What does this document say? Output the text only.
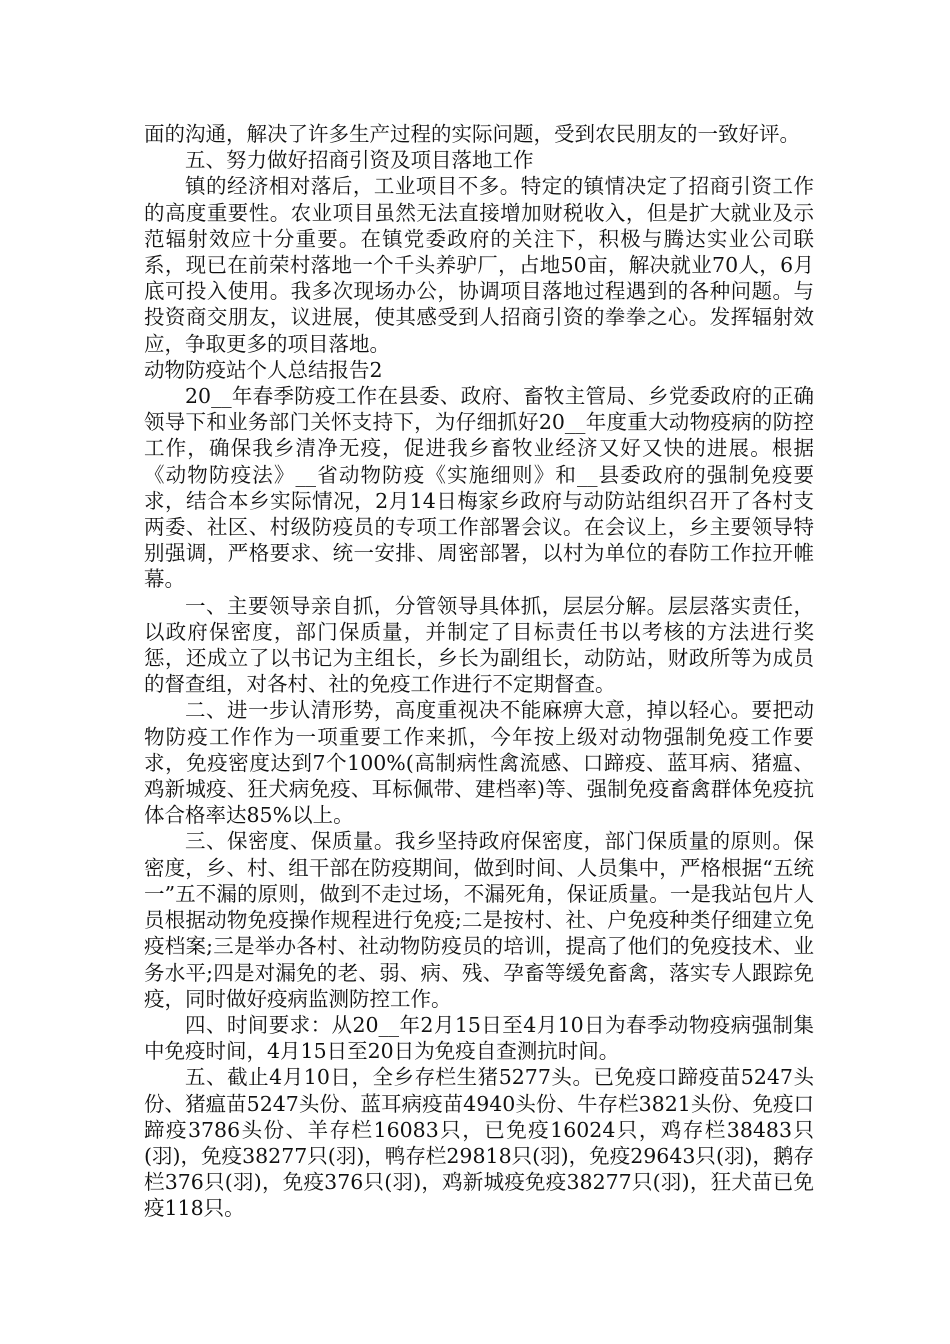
面的沟通，解决了许多生产过程的实际问题，受到农民朋友的一致好评。

五、努力做好招商引资及项目落地工作

镇的经济相对落后，工业项目不多。特定的镇情决定了招商引资工作的高度重要性。农业项目虽然无法直接增加财税收入，但是扩大就业及示范辐射效应十分重要。在镇党委政府的关注下，积极与腾达实业公司联系，现已在前荣村落地一个千头养驴厂，占地50亩，解决就业70人，6月底可投入使用。我多次现场办公，协调项目落地过程遇到的各种问题。与投资商交朋友，议进展，使其感受到人招商引资的拳拳之心。发挥辐射效应，争取更多的项目落地。

动物防疫站个人总结报告2

20__年春季防疫工作在县委、政府、畜牧主管局、乡党委政府的正确领导下和业务部门关怀支持下，为仔细抓好20__年度重大动物疫病的防控工作，确保我乡清净无疫，促进我乡畜牧业经济又好又快的进展。根据《动物防疫法》__省动物防疫《实施细则》和__县委政府的强制免疫要求，结合本乡实际情况，2月14日梅家乡政府与动防站组织召开了各村支两委、社区、村级防疫员的专项工作部署会议。在会议上，乡主要领导特别强调，严格要求、统一安排、周密部署，以村为单位的春防工作拉开帷幕。

一、主要领导亲自抓，分管领导具体抓，层层分解。层层落实责任，以政府保密度，部门保质量，并制定了目标责任书以考核的方法进行奖惩，还成立了以书记为主组长，乡长为副组长，动防站，财政所等为成员的督查组，对各村、社的免疫工作进行不定期督查。

二、进一步认清形势，高度重视决不能麻痹大意，掉以轻心。要把动物防疫工作作为一项重要工作来抓，今年按上级对动物强制免疫工作要求，免疫密度达到7个100%(高制病性禽流感、口蹄疫、蓝耳病、猪瘟、鸡新城疫、狂犬病免疫、耳标佩带、建档率)等、强制免疫畜禽群体免疫抗体合格率达85%以上。

三、保密度、保质量。我乡坚持政府保密度，部门保质量的原则。保密度，乡、村、组干部在防疫期间，做到时间、人员集中，严格根据“五统一”五不漏的原则，做到不走过场，不漏死角，保证质量。一是我站包片人员根据动物免疫操作规程进行免疫;二是按村、社、户免疫种类仔细建立免疫档案;三是举办各村、社动物防疫员的培训，提高了他们的免疫技术、业务水平;四是对漏免的老、弱、病、残、孕畜等缓免畜禽，落实专人跟踪免疫，同时做好疫病监测防控工作。

四、时间要求：从20__年2月15日至4月10日为春季动物疫病强制集中免疫时间，4月15日至20日为免疫自查测抗时间。

五、截止4月10日，全乡存栏生猪5277头。已免疫口蹄疫苗5247头份、猪瘟苗5247头份、蓝耳病疫苗4940头份、牛存栏3821头份、免疫口蹄疫3786头份、羊存栏16083只，已免疫16024只，鸡存栏38483只(羽)，免疫38277只(羽)，鸭存栏29818只(羽)，免疫29643只(羽)，鹅存栏376只(羽)，免疫376只(羽)，鸡新城疫免疫38277只(羽)，狂犬苗已免疫118只。
